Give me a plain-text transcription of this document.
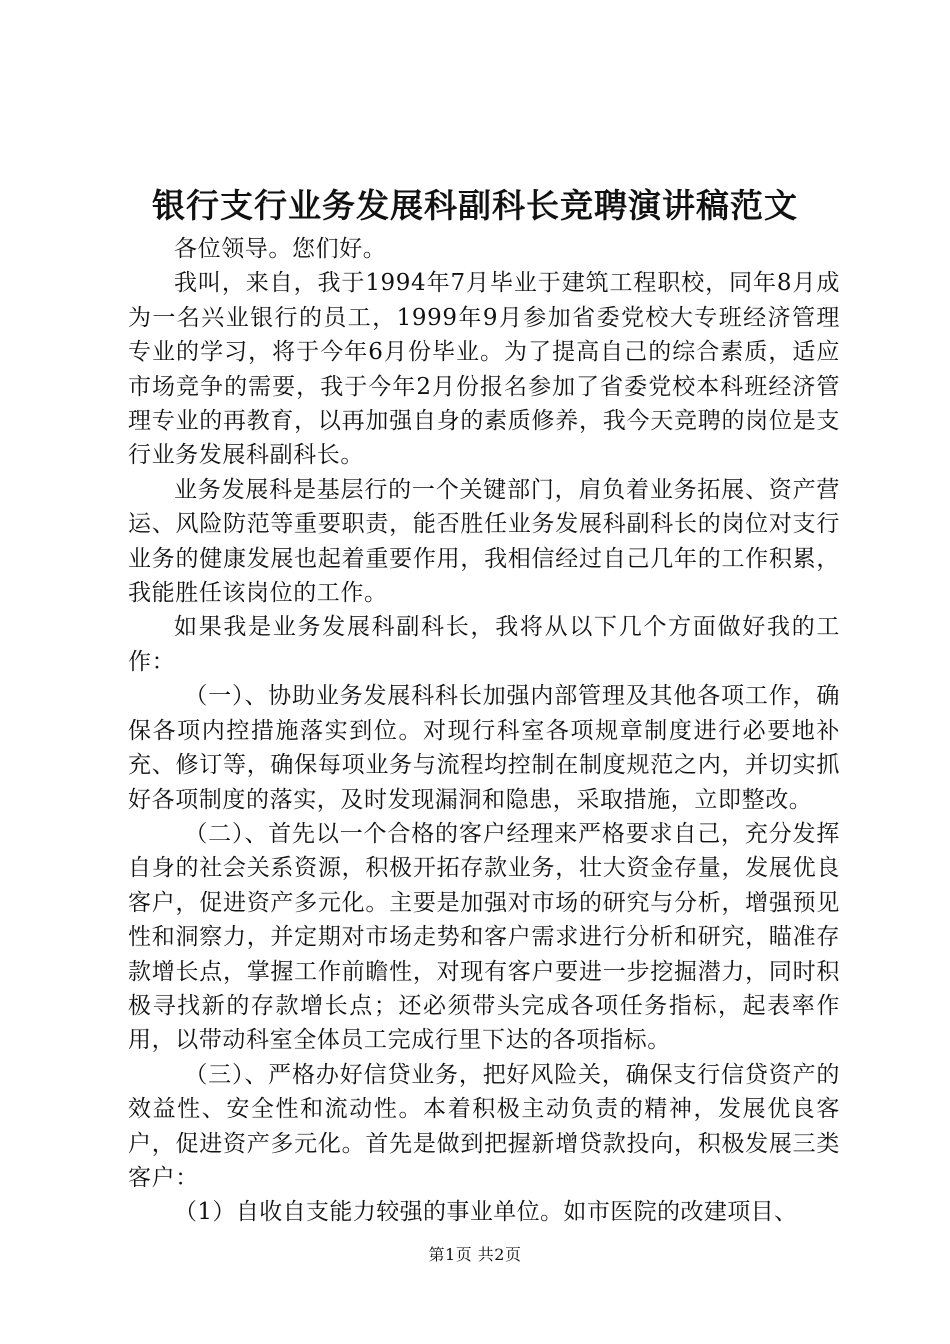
银行支行业务发展科副科长竞聘演讲稿范文

各位领导。您们好。

我叫，来自，我于1994年7月毕业于建筑工程职校，同年8月成为一名兴业银行的员工，1999年9月参加省委党校大专班经济管理专业的学习，将于今年6月份毕业。为了提高自己的综合素质，适应市场竞争的需要，我于今年2月份报名参加了省委党校本科班经济管理专业的再教育，以再加强自身的素质修养，我今天竞聘的岗位是支行业务发展科副科长。

业务发展科是基层行的一个关键部门，肩负着业务拓展、资产营运、风险防范等重要职责，能否胜任业务发展科副科长的岗位对支行业务的健康发展也起着重要作用，我相信经过自己几年的工作积累，我能胜任该岗位的工作。

如果我是业务发展科副科长，我将从以下几个方面做好我的工作：

（一）、协助业务发展科科长加强内部管理及其他各项工作，确保各项内控措施落实到位。对现行科室各项规章制度进行必要地补充、修订等，确保每项业务与流程均控制在制度规范之内，并切实抓好各项制度的落实，及时发现漏洞和隐患，采取措施，立即整改。

（二）、首先以一个合格的客户经理来严格要求自己，充分发挥自身的社会关系资源，积极开拓存款业务，壮大资金存量，发展优良客户，促进资产多元化。主要是加强对市场的研究与分析，增强预见性和洞察力，并定期对市场走势和客户需求进行分析和研究，瞄准存款增长点，掌握工作前瞻性，对现有客户要进一步挖掘潜力，同时积极寻找新的存款增长点；还必须带头完成各项任务指标，起表率作用，以带动科室全体员工完成行里下达的各项指标。

（三）、严格办好信贷业务，把好风险关，确保支行信贷资产的效益性、安全性和流动性。本着积极主动负责的精神，发展优良客户，促进资产多元化。首先是做到把握新增贷款投向，积极发展三类客户：

（1）自收自支能力较强的事业单位。如市医院的改建项目、

第1页 共2页
